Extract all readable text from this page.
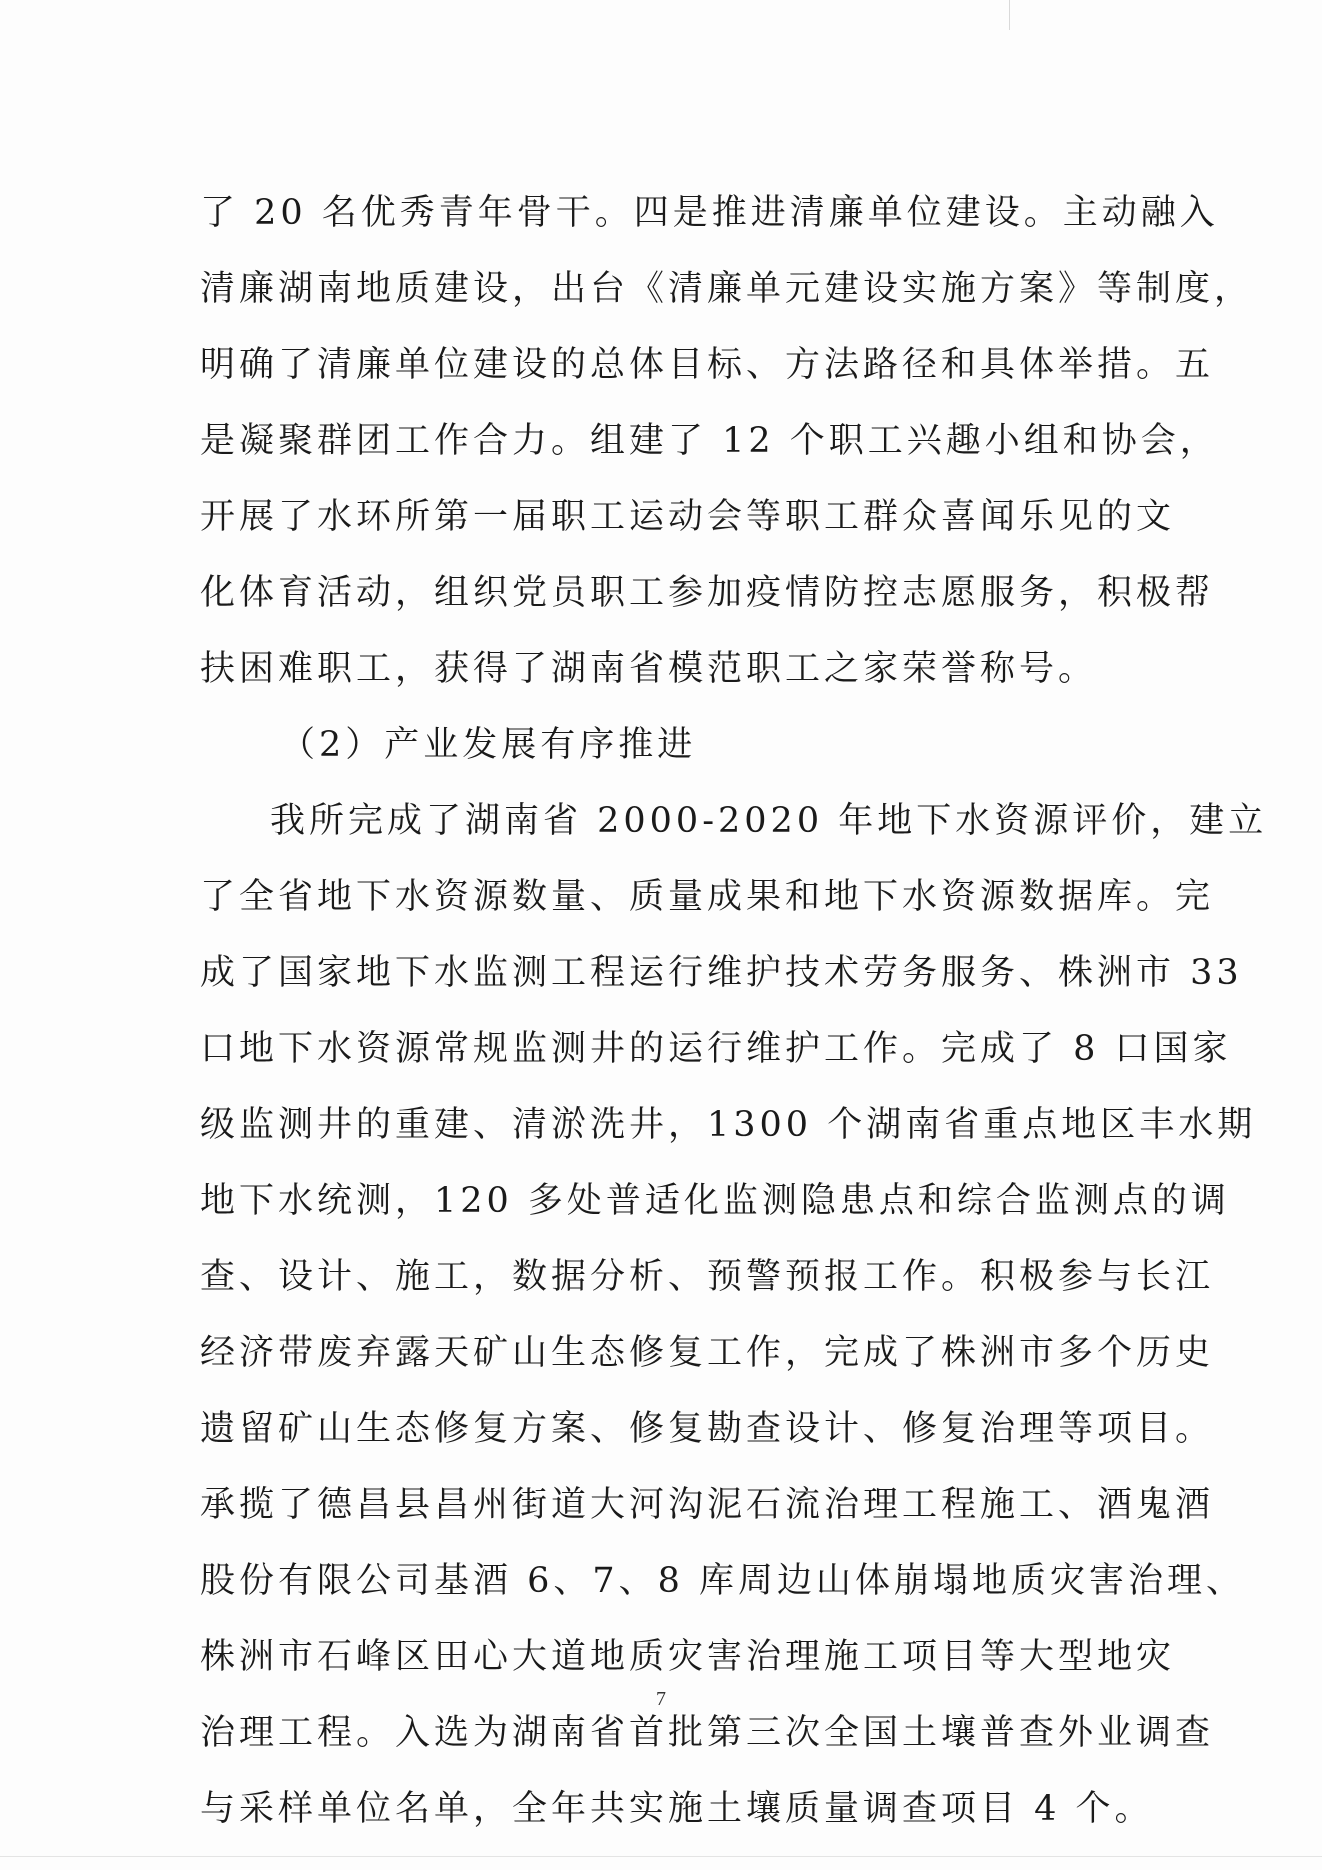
了 20 名优秀青年骨干。四是推进清廉单位建设。主动融入
清廉湖南地质建设，出台《清廉单元建设实施方案》等制度，
明确了清廉单位建设的总体目标、方法路径和具体举措。五
是凝聚群团工作合力。组建了 12 个职工兴趣小组和协会，
开展了水环所第一届职工运动会等职工群众喜闻乐见的文
化体育活动，组织党员职工参加疫情防控志愿服务，积极帮
扶困难职工，获得了湖南省模范职工之家荣誉称号。
（2）产业发展有序推进
我所完成了湖南省 2000-2020 年地下水资源评价，建立
了全省地下水资源数量、质量成果和地下水资源数据库。完
成了国家地下水监测工程运行维护技术劳务服务、株洲市 33
口地下水资源常规监测井的运行维护工作。完成了 8 口国家
级监测井的重建、清淤洗井，1300 个湖南省重点地区丰水期
地下水统测，120 多处普适化监测隐患点和综合监测点的调
查、设计、施工，数据分析、预警预报工作。积极参与长江
经济带废弃露天矿山生态修复工作，完成了株洲市多个历史
遗留矿山生态修复方案、修复勘查设计、修复治理等项目。
承揽了德昌县昌州街道大河沟泥石流治理工程施工、酒鬼酒
股份有限公司基酒 6、7、8 库周边山体崩塌地质灾害治理、
株洲市石峰区田心大道地质灾害治理施工项目等大型地灾
治理工程。入选为湖南省首批第三次全国土壤普查外业调查
与采样单位名单，全年共实施土壤质量调查项目 4 个。
7
